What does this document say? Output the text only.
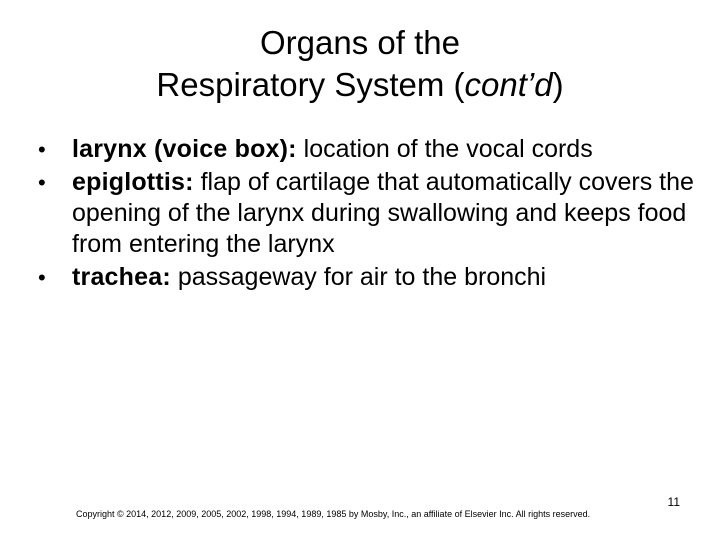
Organs of the
Respiratory System (cont’d)
• larynx (voice box): location of the vocal cords
• epiglottis: flap of cartilage that automatically covers the opening of the larynx during swallowing and keeps food from entering the larynx
• trachea: passageway for air to the bronchi
Copyright © 2014, 2012, 2009, 2005, 2002, 1998, 1994, 1989, 1985 by Mosby, Inc., an affiliate of Elsevier Inc. All rights reserved.
11
